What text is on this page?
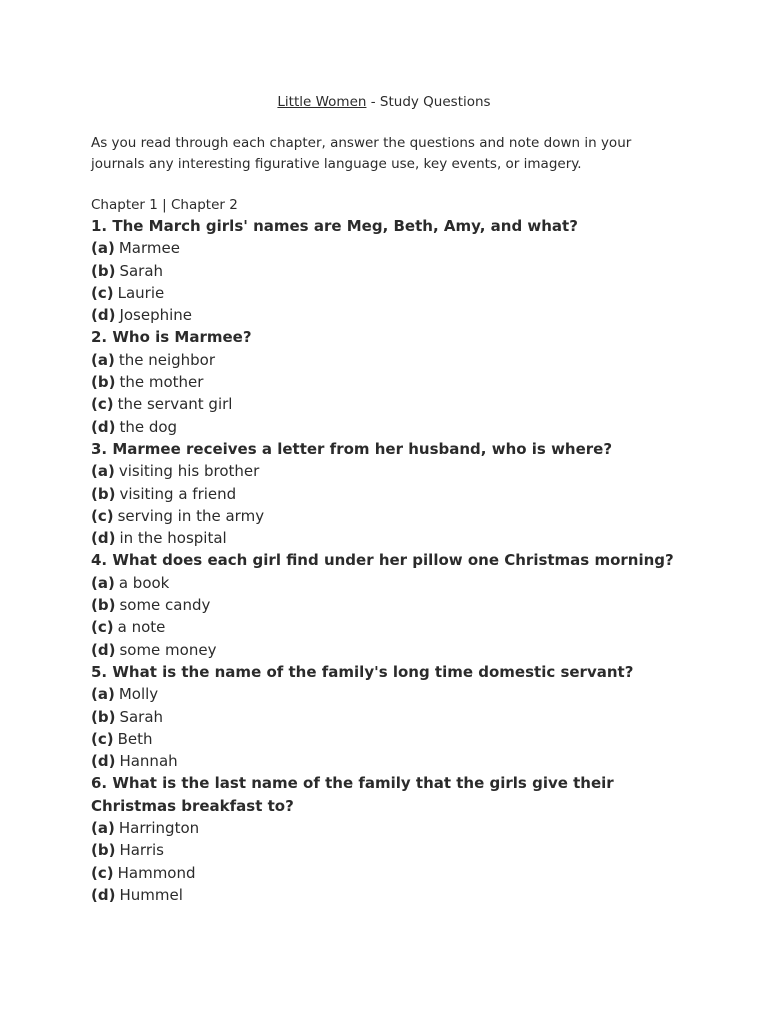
Little Women - Study Questions

As you read through each chapter, answer the questions and note down in your journals any interesting figurative language use, key events, or imagery.

Chapter 1 | Chapter 2

1. The March girls' names are Meg, Beth, Amy, and what?

(a) Marmee

(b) Sarah

(c) Laurie

(d) Josephine

2. Who is Marmee?

(a) the neighbor

(b) the mother

(c) the servant girl

(d) the dog

3. Marmee receives a letter from her husband, who is where?

(a) visiting his brother

(b) visiting a friend

(c) serving in the army

(d) in the hospital

4. What does each girl find under her pillow one Christmas morning?

(a) a book

(b) some candy

(c) a note

(d) some money

5. What is the name of the family's long time domestic servant?

(a) Molly

(b) Sarah

(c) Beth

(d) Hannah

6. What is the last name of the family that the girls give their Christmas breakfast to?

(a) Harrington

(b) Harris

(c) Hammond

(d) Hummel
